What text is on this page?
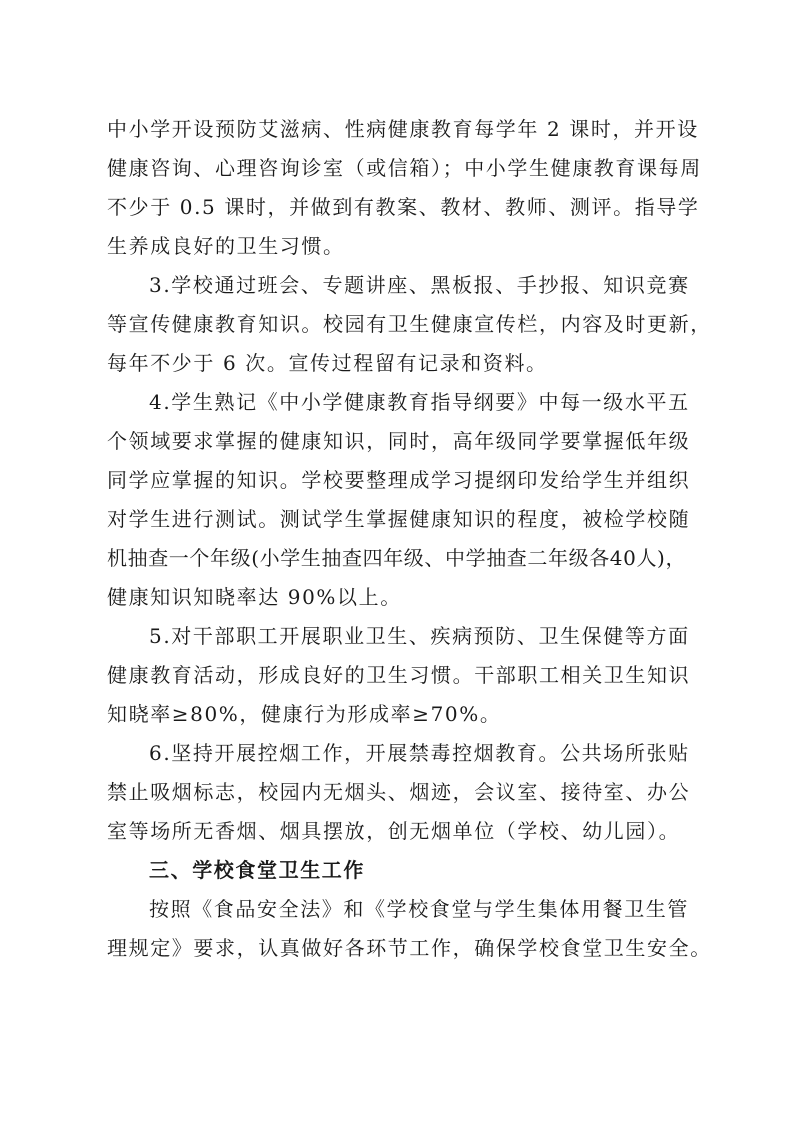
中小学开设预防艾滋病、性病健康教育每学年 2 课时，并开设
健康咨询、心理咨询诊室（或信箱）；中小学生健康教育课每周
不少于 0.5 课时，并做到有教案、教材、教师、测评。指导学
生养成良好的卫生习惯。

3.学校通过班会、专题讲座、黑板报、手抄报、知识竞赛
等宣传健康教育知识。校园有卫生健康宣传栏，内容及时更新，
每年不少于 6 次。宣传过程留有记录和资料。

4.学生熟记《中小学健康教育指导纲要》中每一级水平五
个领域要求掌握的健康知识，同时，高年级同学要掌握低年级
同学应掌握的知识。学校要整理成学习提纲印发给学生并组织
对学生进行测试。测试学生掌握健康知识的程度，被检学校随
机抽查一个年级(小学生抽查四年级、中学抽查二年级各40人)，
健康知识知晓率达 90%以上。

5.对干部职工开展职业卫生、疾病预防、卫生保健等方面
健康教育活动，形成良好的卫生习惯。干部职工相关卫生知识
知晓率≥80%，健康行为形成率≥70%。

6.坚持开展控烟工作，开展禁毒控烟教育。公共场所张贴
禁止吸烟标志，校园内无烟头、烟迹，会议室、接待室、办公
室等场所无香烟、烟具摆放，创无烟单位（学校、幼儿园）。

三、学校食堂卫生工作

按照《食品安全法》和《学校食堂与学生集体用餐卫生管
理规定》要求，认真做好各环节工作，确保学校食堂卫生安全。
